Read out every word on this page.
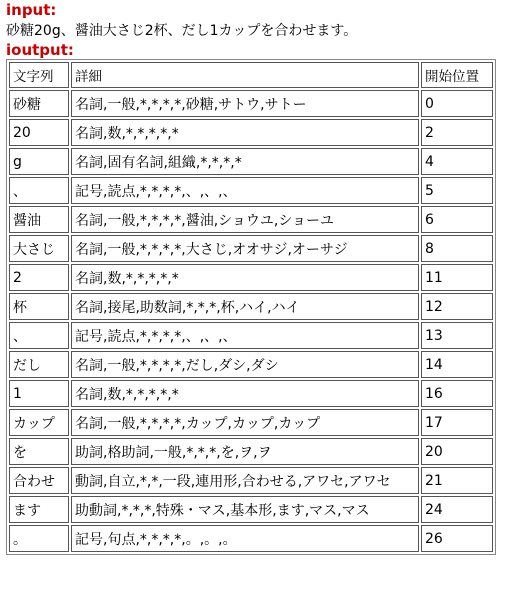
input:
砂糖20g、醤油大さじ2杯、だし1カップを合わせます。
ioutput:
文字列	詳細	開始位置
砂糖	名詞,一般,*,*,*,*,砂糖,サトウ,サトー	0
20	名詞,数,*,*,*,*,*	2
g	名詞,固有名詞,組織,*,*,*,*	4
、	記号,読点,*,*,*,*,、,、,、	5
醤油	名詞,一般,*,*,*,*,醤油,ショウユ,ショーユ	6
大さじ	名詞,一般,*,*,*,*,大さじ,オオサジ,オーサジ	8
2	名詞,数,*,*,*,*,*	11
杯	名詞,接尾,助数詞,*,*,*,杯,ハイ,ハイ	12
、	記号,読点,*,*,*,*,、,、,、	13
だし	名詞,一般,*,*,*,*,だし,ダシ,ダシ	14
1	名詞,数,*,*,*,*,*	16
カップ	名詞,一般,*,*,*,*,カップ,カップ,カップ	17
を	助詞,格助詞,一般,*,*,*,を,ヲ,ヲ	20
合わせ	動詞,自立,*,*,一段,連用形,合わせる,アワセ,アワセ	21
ます	助動詞,*,*,*,特殊・マス,基本形,ます,マス,マス	24
。	記号,句点,*,*,*,*,。,。,。	26
